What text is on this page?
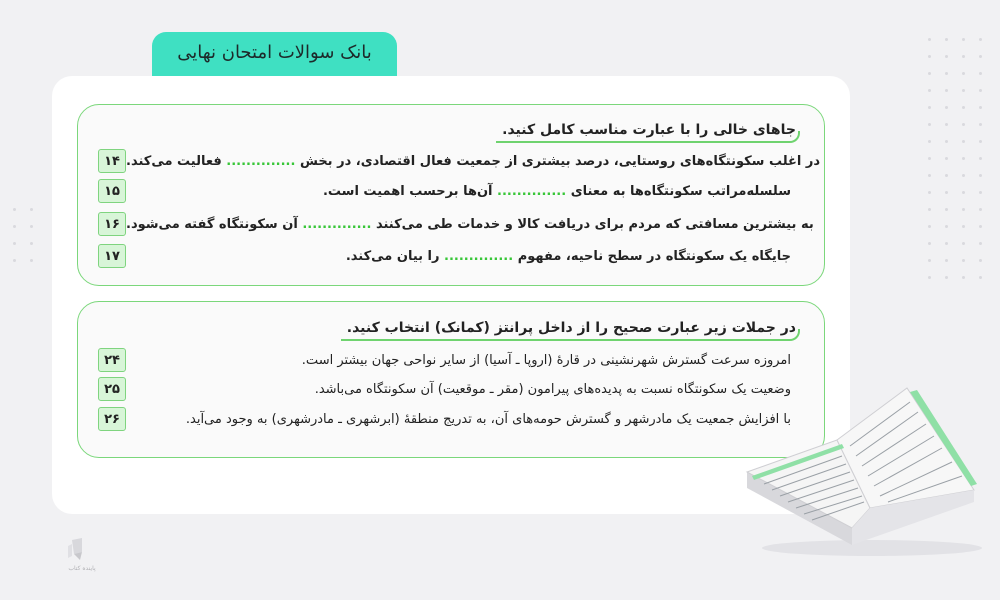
بانک سوالات امتحان نهایی
جاهای خالی را با عبارت مناسب کامل کنید.
۱۴	در اغلب سکونتگاه‌های روستایی، درصد بیشتری از جمعیت فعال اقتصادی، در بخش .............. فعالیت می‌کند.
۱۵	سلسله‌مراتب سکونتگاه‌ها به معنای .............. آن‌ها برحسب اهمیت است.
۱۶	به بیشترین مسافتی که مردم برای دریافت کالا و خدمات طی می‌کنند .............. آن سکونتگاه گفته می‌شود.
۱۷	جایگاه یک سکونتگاه در سطح ناحیه، مفهوم .............. را بیان می‌کند.
در جملات زیر عبارت صحیح را از داخل پرانتز (کمانک) انتخاب کنید.
۲۴	امروزه سرعت گسترش شهرنشینی در قارهٔ (اروپا ـ آسیا) از سایر نواحی جهان بیشتر است.
۲۵	وضعیت یک سکونتگاه نسبت به پدیده‌های پیرامون (مقر ـ موقعیت) آن سکونتگاه می‌باشد.
۲۶	با افزایش جمعیت یک مادرشهر و گسترش حومه‌های آن، به تدریج منطقهٔ (ابرشهری ـ مادرشهری) به وجود می‌آید.
پاینده کتاب
